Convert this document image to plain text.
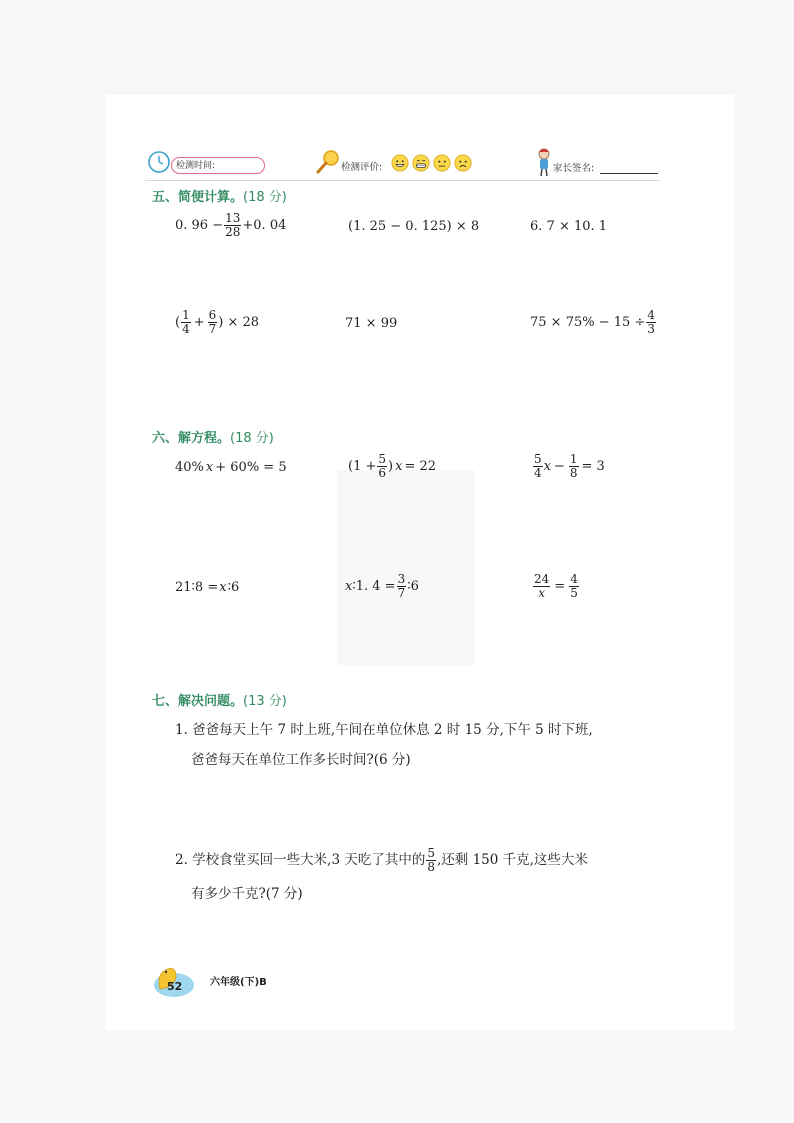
检测时间:	检测评价:	家长签名:
五、简便计算。(18 分)
0. $96 - \frac{13}{28} +0$. 04	(1. 25 − 0. 125) × 8	6. 7 × 10. 1
( $\frac{1}{4} + \frac{6}{7}$ ) × 28	71 × 99	$75 \times 75\% - 15 \div \frac{4}{3}$
六、解方程。(18 分)
40% x + 60% = 5	($1 + \frac{5}{6}$ ) x = 22	$\frac{5}{4}$ $x - \frac{1}{8} = 3$
21∶8 = x ∶6	x ∶1. $4 = \frac{3}{7}$ ∶6	$\frac{24}{x} = \frac{4}{5}$
七、解决问题。(13 分)
1. 爸爸每天上午 7 时上班,午间在单位休息 2 时 15 分,下午 5 时下班,
爸爸每天在单位工作多长时间?(6 分)
2. 学校食堂买回一些大米,3 天吃了其中的 $\frac{5}{8}$ ,还剩 150 千克,这些大米
有多少千克?(7 分)
52	六年级(下)B
